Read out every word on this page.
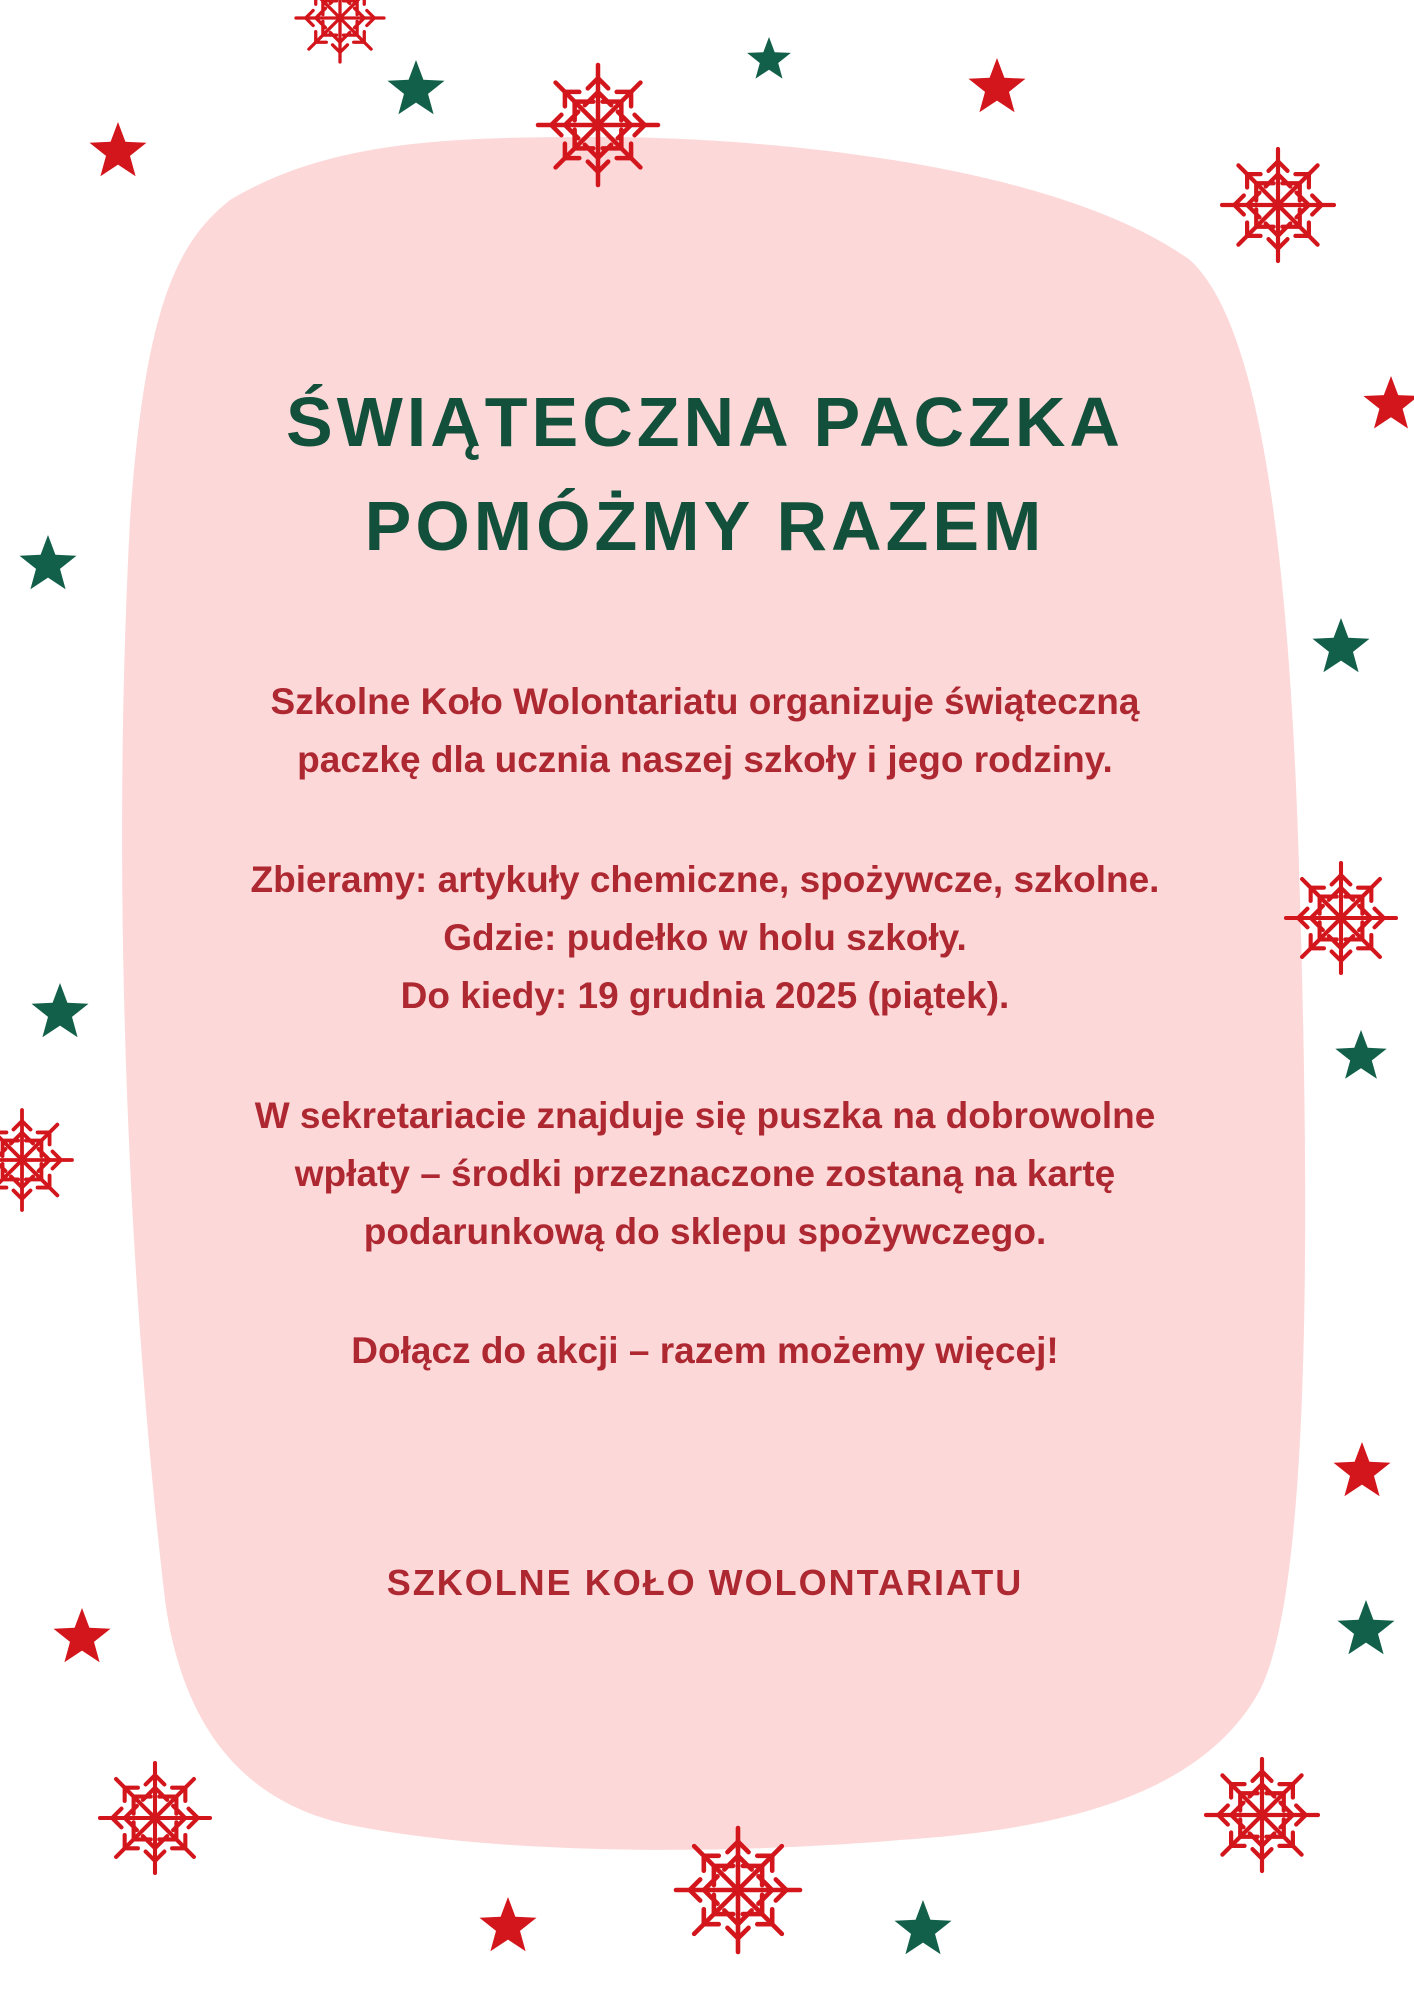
ŚWIĄTECZNA PACZKA
POMÓŻMY RAZEM

Szkolne Koło Wolontariatu organizuje świąteczną
paczkę dla ucznia naszej szkoły i jego rodziny.

Zbieramy: artykuły chemiczne, spożywcze, szkolne.
Gdzie: pudełko w holu szkoły.
Do kiedy: 19 grudnia 2025 (piątek).

W sekretariacie znajduje się puszka na dobrowolne
wpłaty – środki przeznaczone zostaną na kartę
podarunkową do sklepu spożywczego.

Dołącz do akcji – razem możemy więcej!

SZKOLNE KOŁO WOLONTARIATU
